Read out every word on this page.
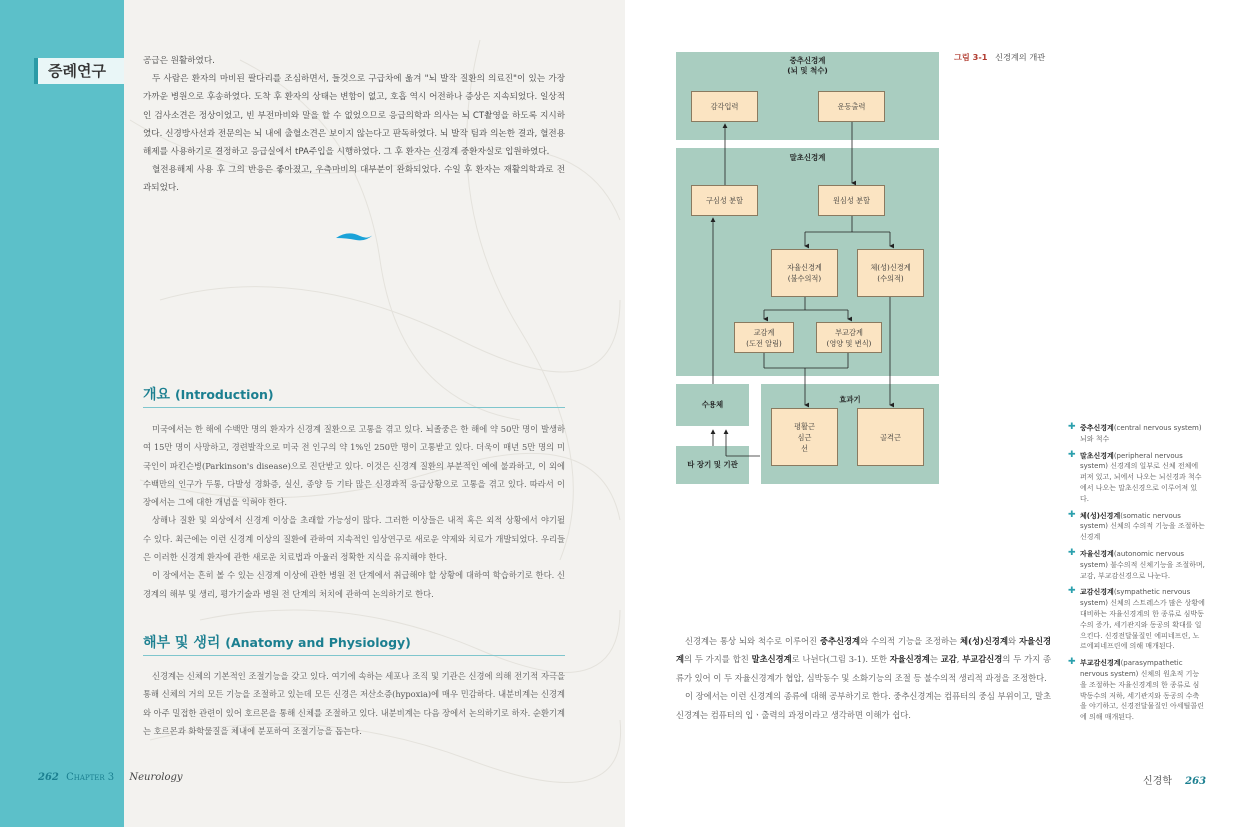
증례연구

공급은 원활하였다.

두 사람은 환자의 마비된 팔다리를 조심하면서, 들것으로 구급차에 옮겨 "뇌 발작 질환의 의료진"이 있는 가장 가까운 병원으로 후송하였다. 도착 후 환자의 상태는 변함이 없고, 호흡 역시 어전하나 증상은 지속되었다. 일상적인 검사소견은 정상이었고, 빈 부전마비와 말을 할 수 없었으므로 응급의학과 의사는 뇌 CT촬영을 하도록 지시하였다. 신경방사선과 전문의는 뇌 내에 출혈소견은 보이지 않는다고 판독하였다. 뇌 발작 팀과 의논한 결과, 혈전용해제를 사용하기로 결정하고 응급실에서 tPA주입을 시행하였다. 그 후 환자는 신경계 중환자실로 입원하였다.

혈전용해제 사용 후 그의 반응은 좋아졌고, 우측마비의 대부분이 완화되었다. 수일 후 환자는 재활의학과로 전과되었다.

개요 (Introduction)

미국에서는 한 해에 수백만 명의 환자가 신경계 질환으로 고통을 겪고 있다. 뇌졸중은 한 해에 약 50만 명이 발생하여 15만 명이 사망하고, 경련발작으로 미국 전 인구의 약 1%인 250만 명이 고통받고 있다. 더욱이 매년 5만 명의 미국인이 파킨슨병(Parkinson's disease)으로 진단받고 있다. 이것은 신경계 질환의 부분적인 예에 불과하고, 이 외에 수백만의 인구가 두통, 다발성 경화증, 실신, 종양 등 기타 많은 신경과적 응급상황으로 고통을 겪고 있다. 따라서 이 장에서는 그에 대한 개념을 익혀야 한다.

상해나 질환 및 외상에서 신경계 이상을 초래할 가능성이 많다. 그러한 이상들은 내적 혹은 외적 상황에서 야기될 수 있다. 최근에는 이런 신경계 이상의 질환에 관하여 지속적인 임상연구로 새로운 약제와 치료가 개발되었다. 우리들은 이러한 신경계 환자에 관한 새로운 치료법과 아울러 정확한 지식을 유지해야 한다.

이 장에서는 흔히 볼 수 있는 신경계 이상에 관한 병원 전 단계에서 취급해야 할 상황에 대하여 학습하기로 한다. 신경계의 해부 및 생리, 평가기술과 병원 전 단계의 처치에 관하여 논의하기로 한다.

해부 및 생리 (Anatomy and Physiology)

신경계는 신체의 기본적인 조절기능을 갖고 있다. 여기에 속하는 세포나 조직 및 기관은 신경에 의해 전기적 자극을 통해 신체의 거의 모든 기능을 조절하고 있는데 모든 신경은 저산소증(hypoxia)에 매우 민감하다. 내분비계는 신경계와 아주 밀접한 관련이 있어 호르몬을 통해 신체를 조절하고 있다. 내분비계는 다음 장에서 논의하기로 하자. 순환기계는 호르몬과 화학물질을 체내에 분포하여 조절기능을 돕는다.

262 Chapter 3 Neurology
중추신경계
(뇌 및 척수)
감각입력	운동출력
말초신경계
구심성 분할	원심성 분할
자율신경계
(불수의적)
체(성)신경계
(수의적)
교감계
(도전 알림)
부교감계
(영양 및 변식)
수용체
타 장기 및 기관
효과기
평활근
심근
선
골격근
그림 3-1 신경계의 개관

신경계는 통상 뇌와 척수로 이루어진 중추신경계와 수의적 기능을 조정하는 체(성)신경계와 자율신경계의 두 가지를 합친 말초신경계로 나뉜다(그림 3-1). 또한 자율신경계는 교감, 부교감신경의 두 가지 종류가 있어 이 두 자율신경계가 협압, 심박동수 및 소화기능의 조절 등 불수의적 생리적 과정을 조정한다.

이 장에서는 이런 신경계의 종류에 대해 공부하기로 한다. 중추신경계는 컴퓨터의 중심 부위이고, 말초신경계는 컴퓨터의 입ㆍ출력의 과정이라고 생각하면 이해가 쉽다.

✚ 중추신경계(central nervous system) 뇌와 척수
✚ 말초신경계(peripheral nervous system) 신경계의 일부로 신체 전체에 퍼져 있고, 뇌에서 나오는 뇌신경과 척수에서 나오는 말초신경으로 이루어져 있다.
✚ 체(성)신경계(somatic nervous system) 신체의 수의적 기능을 조절하는 신경계
✚ 자율신경계(autonomic nervous system) 불수의적 신체기능을 조절하며, 교감, 부교감신경으로 나눈다.
✚ 교감신경계(sympathetic nervous system) 신체의 스트레스가 많은 상황에 대비하는 자율신경계의 한 종류로 심박동수의 증가, 세기관지와 동공의 확대를 일으킨다. 신경전달물질인 에피네프린, 노르에피네프린에 의해 매개된다.
✚ 부교감신경계(parasympathetic nervous system) 신체의 원초적 기능을 조절하는 자율신경계의 한 종류로 심박동수의 저하, 세기관지와 동공의 수축을 야기하고, 신경전달물질인 아세틸콜린에 의해 매개된다.
신경학 263
